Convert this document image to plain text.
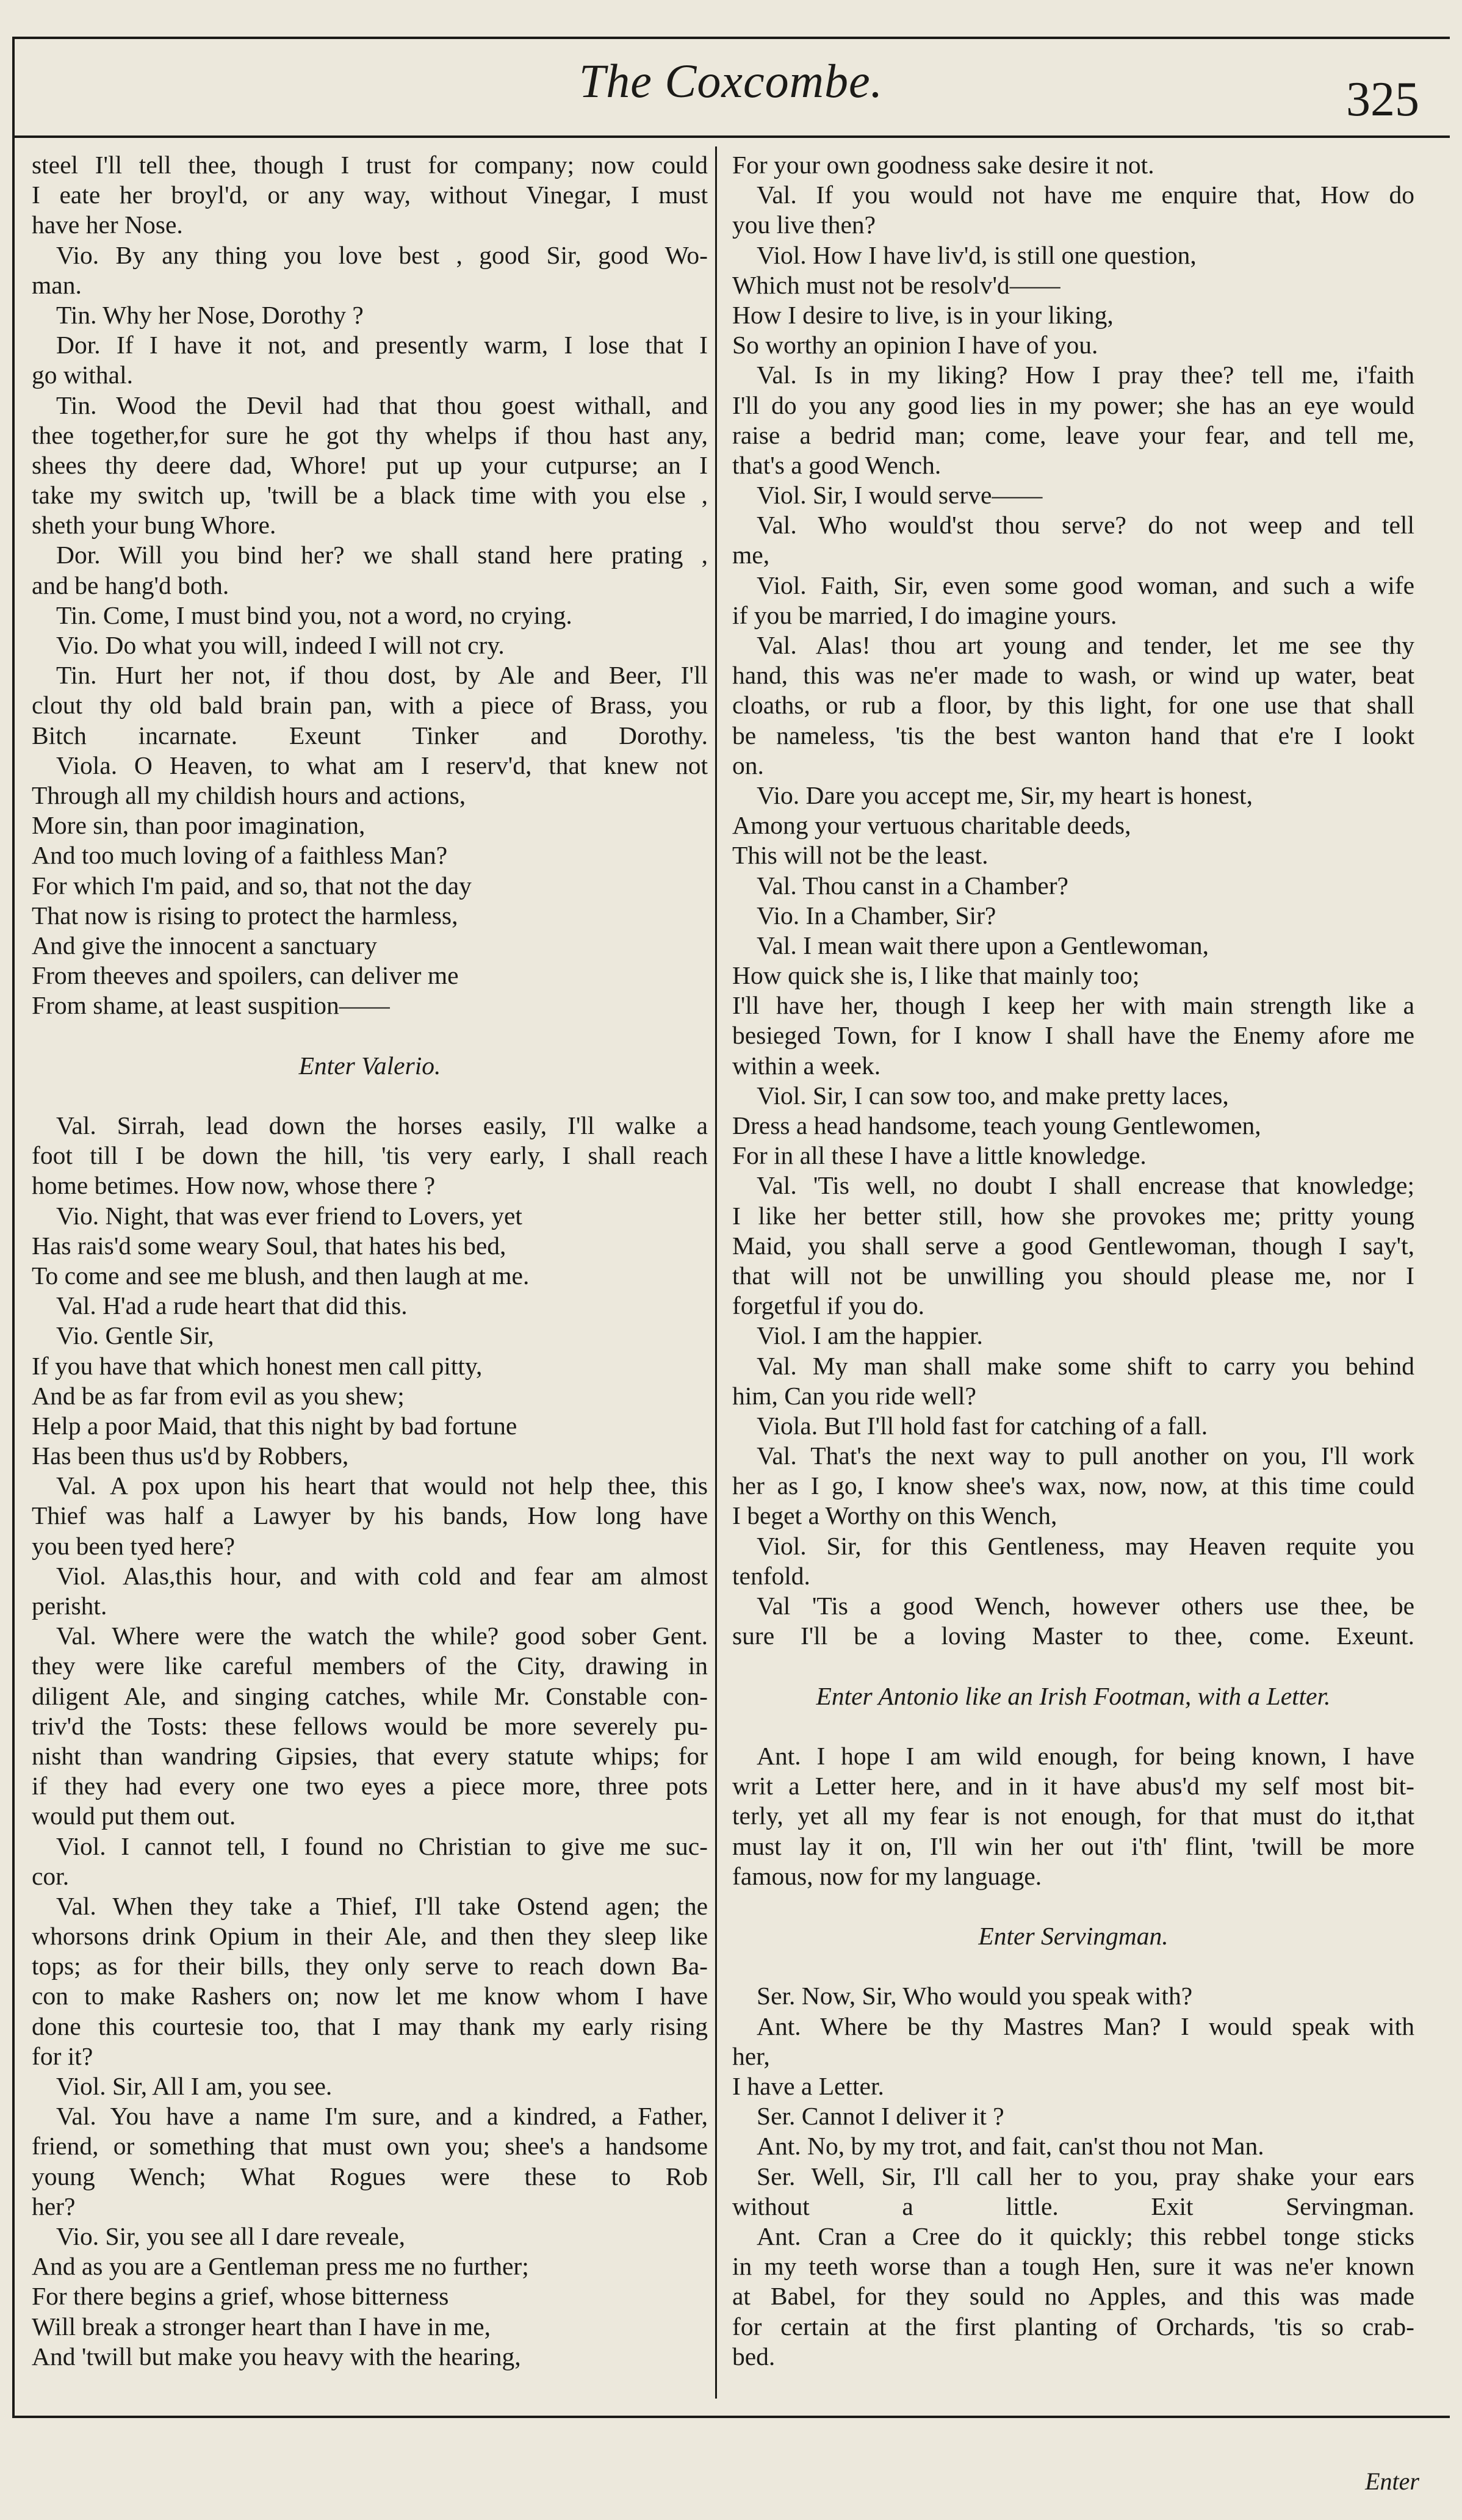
The Coxcombe.	325
steel I'll tell thee, though I trust for company; now could
I eate her broyl'd, or any way, without Vinegar, I must
have her Nose.
Vio. By any thing you love best , good Sir, good Wo-
man.
Tin. Why her Nose, Dorothy ?
Dor. If I have it not, and presently warm, I lose that I
go withal.
Tin. Wood the Devil had that thou goest withall, and
thee together,for sure he got thy whelps if thou hast any,
shees thy deere dad, Whore! put up your cutpurse; an I
take my switch up, 'twill be a black time with you else ,
sheth your bung Whore.
Dor. Will you bind her? we shall stand here prating ,
and be hang'd both.
Tin. Come, I must bind you, not a word, no crying.
Vio. Do what you will, indeed I will not cry.
Tin. Hurt her not, if thou dost, by Ale and Beer, I'll
clout thy old bald brain pan, with a piece of Brass, you
Bitch incarnate. Exeunt Tinker and Dorothy.
Viola. O Heaven, to what am I reserv'd, that knew not
Through all my childish hours and actions,
More sin, than poor imagination,
And too much loving of a faithless Man?
For which I'm paid, and so, that not the day
That now is rising to protect the harmless,
And give the innocent a sanctuary
From theeves and spoilers, can deliver me
From shame, at least suspition——
Enter Valerio.
Val. Sirrah, lead down the horses easily, I'll walke a
foot till I be down the hill, 'tis very early, I shall reach
home betimes. How now, whose there ?
Vio. Night, that was ever friend to Lovers, yet
Has rais'd some weary Soul, that hates his bed,
To come and see me blush, and then laugh at me.
Val. H'ad a rude heart that did this.
Vio. Gentle Sir,
If you have that which honest men call pitty,
And be as far from evil as you shew;
Help a poor Maid, that this night by bad fortune
Has been thus us'd by Robbers,
Val. A pox upon his heart that would not help thee, this
Thief was half a Lawyer by his bands, How long have
you been tyed here?
Viol. Alas,this hour, and with cold and fear am almost
perisht.
Val. Where were the watch the while? good sober Gent.
they were like careful members of the City, drawing in
diligent Ale, and singing catches, while Mr. Constable con-
triv'd the Tosts: these fellows would be more severely pu-
nisht than wandring Gipsies, that every statute whips; for
if they had every one two eyes a piece more, three pots
would put them out.
Viol. I cannot tell, I found no Christian to give me suc-
cor.
Val. When they take a Thief, I'll take Ostend agen; the
whorsons drink Opium in their Ale, and then they sleep like
tops; as for their bills, they only serve to reach down Ba-
con to make Rashers on; now let me know whom I have
done this courtesie too, that I may thank my early rising
for it?
Viol. Sir, All I am, you see.
Val. You have a name I'm sure, and a kindred, a Father,
friend, or something that must own you; shee's a handsome
young Wench; What Rogues were these to Rob
her?
Vio. Sir, you see all I dare reveale,
And as you are a Gentleman press me no further;
For there begins a grief, whose bitterness
Will break a stronger heart than I have in me,
And 'twill but make you heavy with the hearing,
For your own goodness sake desire it not.
Val. If you would not have me enquire that, How do
you live then?
Viol. How I have liv'd, is still one question,
Which must not be resolv'd——
How I desire to live, is in your liking,
So worthy an opinion I have of you.
Val. Is in my liking? How I pray thee? tell me, i'faith
I'll do you any good lies in my power; she has an eye would
raise a bedrid man; come, leave your fear, and tell me,
that's a good Wench.
Viol. Sir, I would serve——
Val. Who would'st thou serve? do not weep and tell
me,
Viol. Faith, Sir, even some good woman, and such a wife
if you be married, I do imagine yours.
Val. Alas! thou art young and tender, let me see thy
hand, this was ne'er made to wash, or wind up water, beat
cloaths, or rub a floor, by this light, for one use that shall
be nameless, 'tis the best wanton hand that e're I lookt
on.
Vio. Dare you accept me, Sir, my heart is honest,
Among your vertuous charitable deeds,
This will not be the least.
Val. Thou canst in a Chamber?
Vio. In a Chamber, Sir?
Val. I mean wait there upon a Gentlewoman,
How quick she is, I like that mainly too;
I'll have her, though I keep her with main strength like a
besieged Town, for I know I shall have the Enemy afore me
within a week.
Viol. Sir, I can sow too, and make pretty laces,
Dress a head handsome, teach young Gentlewomen,
For in all these I have a little knowledge.
Val. 'Tis well, no doubt I shall encrease that knowledge;
I like her better still, how she provokes me; pritty young
Maid, you shall serve a good Gentlewoman, though I say't,
that will not be unwilling you should please me, nor I
forgetful if you do.
Viol. I am the happier.
Val. My man shall make some shift to carry you behind
him, Can you ride well?
Viola. But I'll hold fast for catching of a fall.
Val. That's the next way to pull another on you, I'll work
her as I go, I know shee's wax, now, now, at this time could
I beget a Worthy on this Wench,
Viol. Sir, for this Gentleness, may Heaven requite you
tenfold.
Val 'Tis a good Wench, however others use thee, be
sure I'll be a loving Master to thee, come. Exeunt.
Enter Antonio like an Irish Footman, with a Letter.
Ant. I hope I am wild enough, for being known, I have
writ a Letter here, and in it have abus'd my self most bit-
terly, yet all my fear is not enough, for that must do it,that
must lay it on, I'll win her out i'th' flint, 'twill be more
famous, now for my language.
Enter Servingman.
Ser. Now, Sir, Who would you speak with?
Ant. Where be thy Mastres Man? I would speak with
her,
I have a Letter.
Ser. Cannot I deliver it ?
Ant. No, by my trot, and fait, can'st thou not Man.
Ser. Well, Sir, I'll call her to you, pray shake your ears
without a little. Exit Servingman.
Ant. Cran a Cree do it quickly; this rebbel tonge sticks
in my teeth worse than a tough Hen, sure it was ne'er known
at Babel, for they sould no Apples, and this was made
for certain at the first planting of Orchards, 'tis so crab-
bed.
Enter
